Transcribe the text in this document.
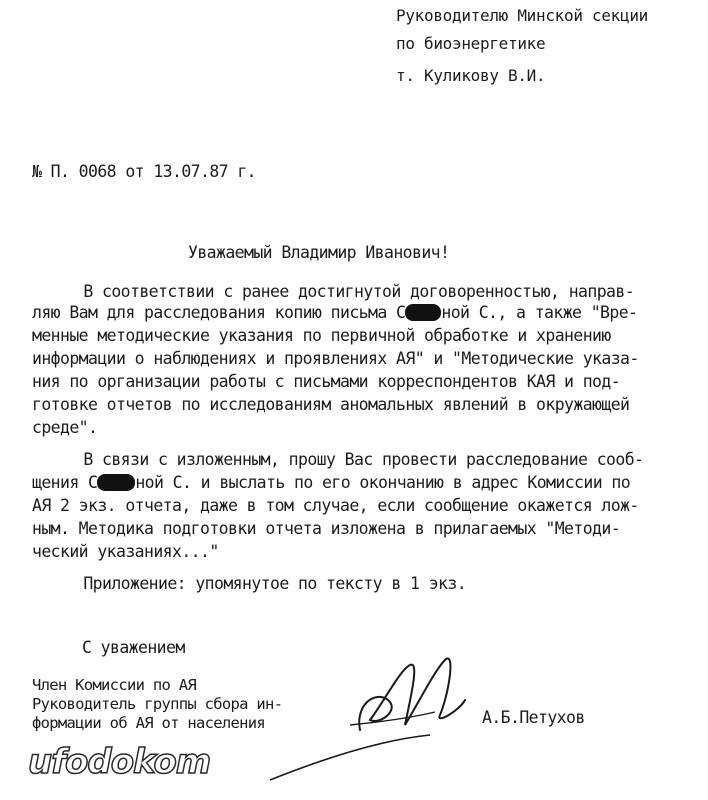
Руководителю Минской секции
по биоэнергетике
т. Куликову В.И.
№ П. 0068 от 13.07.87 г.
Уважаемый Владимир Иванович!
В соответствии с ранее достигнутой договоренностью, направ-
ляю Вам для расследования копию письма С ной С., а также "Вре-
менные методические указания по первичной обработке и хранению
информации о наблюдениях и проявлениях АЯ" и "Методические указа-
ния по организации работы с письмами корреспондентов КАЯ и под-
готовке отчетов по исследованиям аномальных явлений в окружающей
среде".
В связи с изложенным, прошу Вас провести расследование сооб-
щения С ной С. и выслать по его окончанию в адрес Комиссии по
АЯ 2 экз. отчета, даже в том случае, если сообщение окажется лож-
ным. Методика подготовки отчета изложена в прилагаемых "Методи-
ческий указаниях..."
Приложение: упомянутое по тексту в 1 экз.
С уважением
Член Комиссии по АЯ
Руководитель группы сбора ин-
формации об АЯ от населения	А.Б.Петухов
ufodokom
